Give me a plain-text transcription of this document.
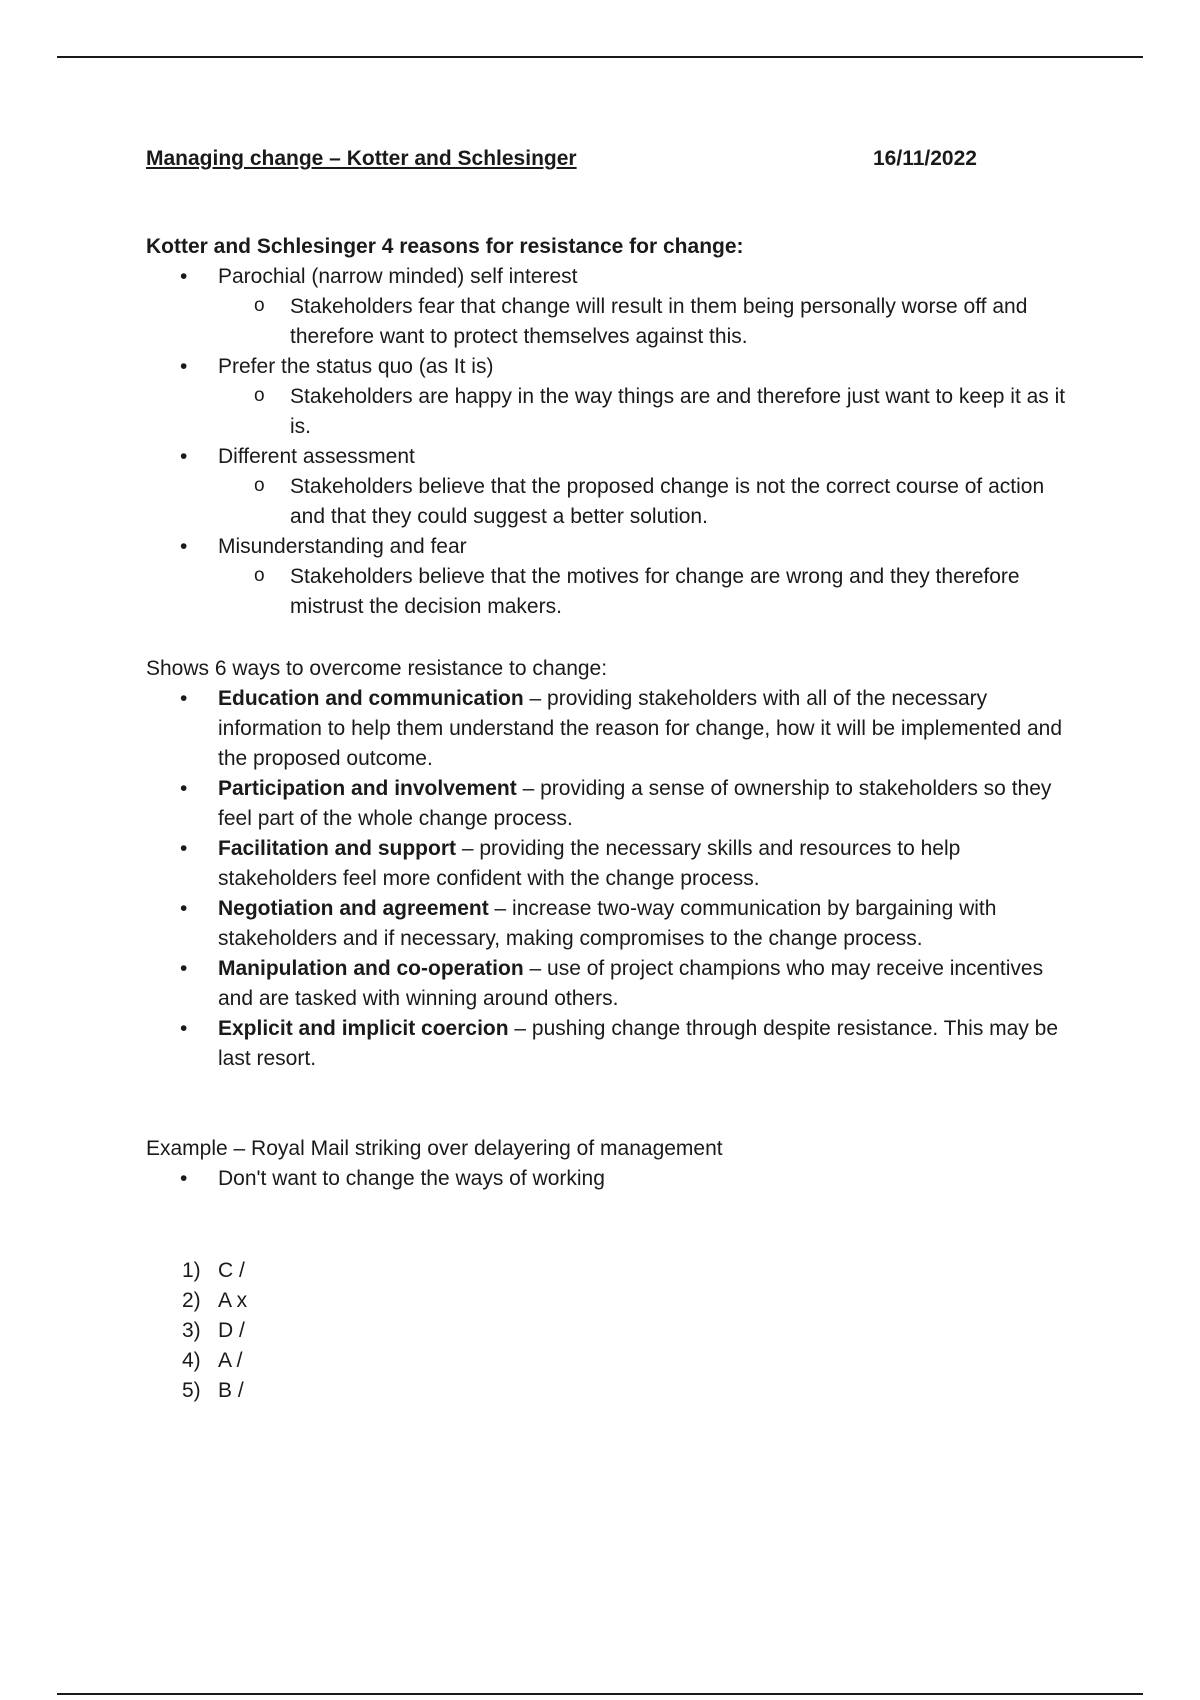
Managing change – Kotter and Schlesinger	16/11/2022
Kotter and Schlesinger 4 reasons for resistance for change:
• Parochial (narrow minded) self interest
o Stakeholders fear that change will result in them being personally worse off and therefore want to protect themselves against this.
• Prefer the status quo (as It is)
o Stakeholders are happy in the way things are and therefore just want to keep it as it is.
• Different assessment
o Stakeholders believe that the proposed change is not the correct course of action and that they could suggest a better solution.
• Misunderstanding and fear
o Stakeholders believe that the motives for change are wrong and they therefore mistrust the decision makers.
Shows 6 ways to overcome resistance to change:
• Education and communication – providing stakeholders with all of the necessary information to help them understand the reason for change, how it will be implemented and the proposed outcome.
• Participation and involvement – providing a sense of ownership to stakeholders so they feel part of the whole change process.
• Facilitation and support – providing the necessary skills and resources to help stakeholders feel more confident with the change process.
• Negotiation and agreement – increase two-way communication by bargaining with stakeholders and if necessary, making compromises to the change process.
• Manipulation and co-operation – use of project champions who may receive incentives and are tasked with winning around others.
• Explicit and implicit coercion – pushing change through despite resistance. This may be last resort.
Example – Royal Mail striking over delayering of management
• Don't want to change the ways of working
1) C /
2) A x
3) D /
4) A /
5) B /
